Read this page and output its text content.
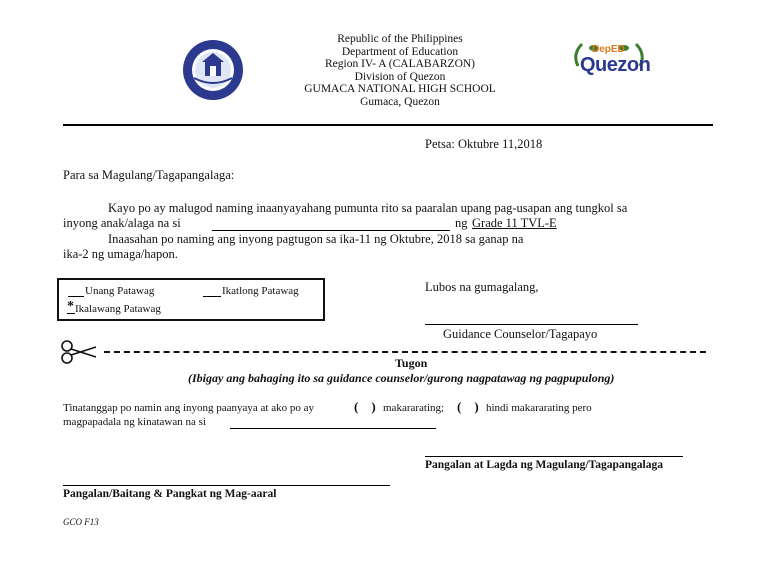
DepED
Quezon
Republic of the Philippines
Department of Education
Region IV- A (CALABARZON)
Division of Quezon
GUMACA NATIONAL HIGH SCHOOL
Gumaca, Quezon
Petsa: Oktubre 11,2018
Para sa Magulang/Tagapangalaga:
Kayo po ay malugod naming inaanyayahang pumunta rito sa paaralan upang pag-usapan ang tungkol sa
inyong anak/alaga na si	ng Grade 11 TVL-E
Inaasahan po naming ang inyong pagtugon sa ika-11 ng Oktubre, 2018 sa ganap na
ika-2 ng umaga/hapon.
Unang Patawag	Ikatlong Patawag
* Ikalawang Patawag
Lubos na gumagalang,
Guidance Counselor/Tagapayo
Tugon
(Ibigay ang bahaging ito sa guidance counselor/gurong nagpatawag ng pagpupulong)
Tinatanggap po namin ang inyong paanyaya at ako po ay	(    ) makararating; (    ) hindi makararating pero
magpapadala ng kinatawan na si
Pangalan at Lagda ng Magulang/Tagapangalaga
Pangalan/Baitang & Pangkat ng Mag-aaral
GCO F13
